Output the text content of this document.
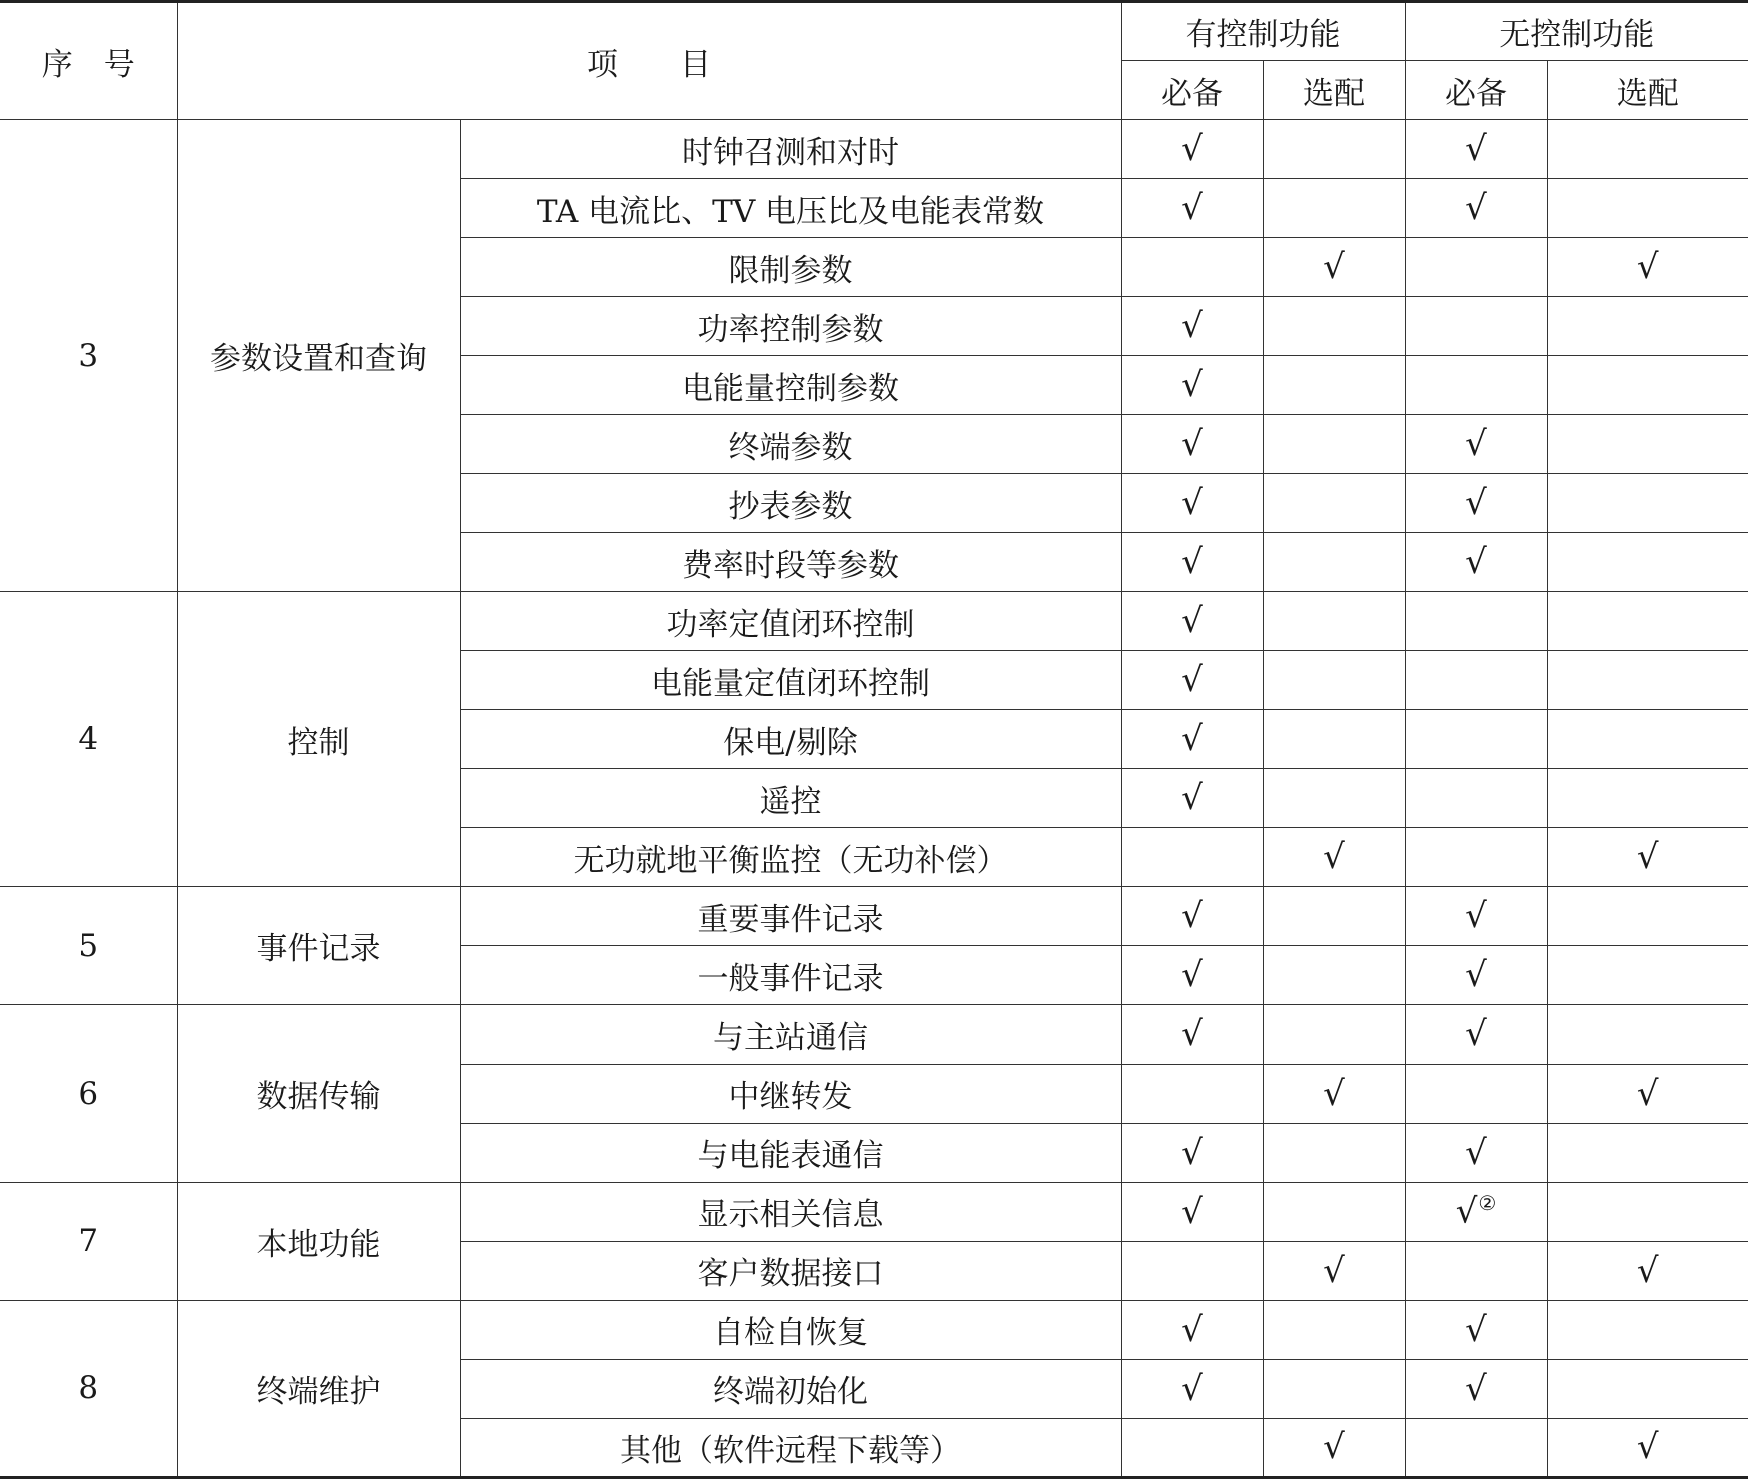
序　号	项　　目		有控制功能		无控制功能	
			必备	选配	必备	选配
3	参数设置和查询	时钟召测和对时	√		√	
		TA 电流比、TV 电压比及电能表常数	√		√	
		限制参数		√		√
		功率控制参数	√			
		电能量控制参数	√			
		终端参数	√		√	
		抄表参数	√		√	
		费率时段等参数	√		√	
4	控制	功率定值闭环控制	√			
		电能量定值闭环控制	√			
		保电/剔除	√			
		遥控	√			
		无功就地平衡监控（无功补偿）		√		√
5	事件记录	重要事件记录	√		√	
		一般事件记录	√		√	
6	数据传输	与主站通信	√		√	
		中继转发		√		√
		与电能表通信	√		√	
7	本地功能	显示相关信息	√		√②	
		客户数据接口		√		√
8	终端维护	自检自恢复	√		√	
		终端初始化	√		√	
		其他（软件远程下载等）		√		√
